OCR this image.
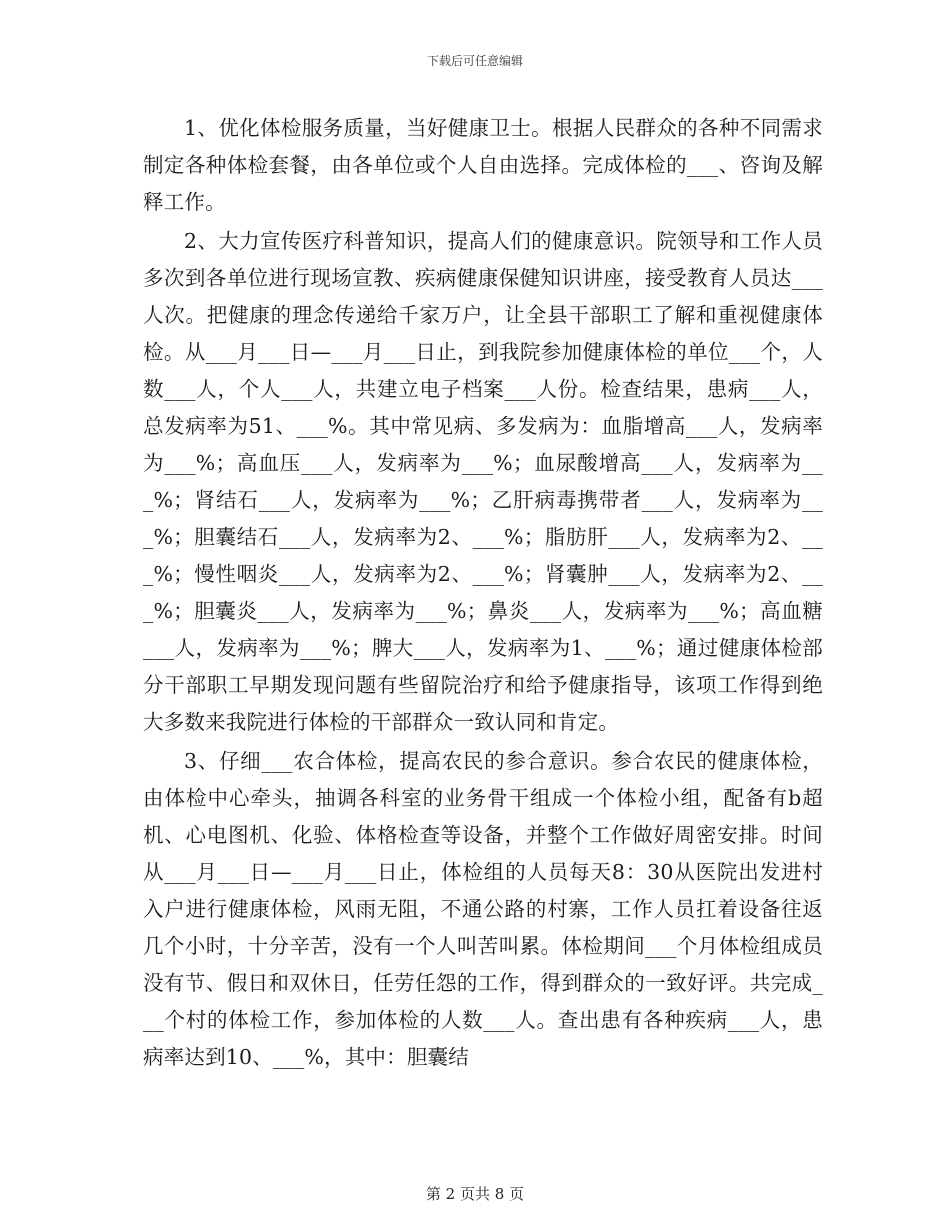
下载后可任意编辑

1、优化体检服务质量，当好健康卫士。根据人民群众的各种不同需求制定各种体检套餐，由各单位或个人自由选择。完成体检的___、咨询及解释工作。

2、大力宣传医疗科普知识，提高人们的健康意识。院领导和工作人员多次到各单位进行现场宣教、疾病健康保健知识讲座，接受教育人员达___人次。把健康的理念传递给千家万户，让全县干部职工了解和重视健康体检。从___月___日—___月___日止，到我院参加健康体检的单位___个，人数___人，个人___人，共建立电子档案___人份。检查结果，患病___人，总发病率为51、___%。其中常见病、多发病为：血脂增高___人，发病率为___%；高血压___人，发病率为___%；血尿酸增高___人，发病率为___%；肾结石___人，发病率为___%；乙肝病毒携带者___人，发病率为___%；胆囊结石___人，发病率为2、___%；脂肪肝___人，发病率为2、___%；慢性咽炎___人，发病率为2、___%；肾囊肿___人，发病率为2、___%；胆囊炎___人，发病率为___%；鼻炎___人，发病率为___%；高血糖___人，发病率为___%；脾大___人，发病率为1、___%；通过健康体检部分干部职工早期发现问题有些留院治疗和给予健康指导，该项工作得到绝大多数来我院进行体检的干部群众一致认同和肯定。

3、仔细___农合体检，提高农民的参合意识。参合农民的健康体检，由体检中心牵头，抽调各科室的业务骨干组成一个体检小组，配备有b超机、心电图机、化验、体格检查等设备，并整个工作做好周密安排。时间从___月___日—___月___日止，体检组的人员每天8：30从医院出发进村入户进行健康体检，风雨无阻，不通公路的村寨，工作人员扛着设备往返几个小时，十分辛苦，没有一个人叫苦叫累。体检期间___个月体检组成员没有节、假日和双休日，任劳任怨的工作，得到群众的一致好评。共完成___个村的体检工作，参加体检的人数___人。查出患有各种疾病___人，患病率达到10、___%，其中：胆囊结

第 2 页共 8 页
